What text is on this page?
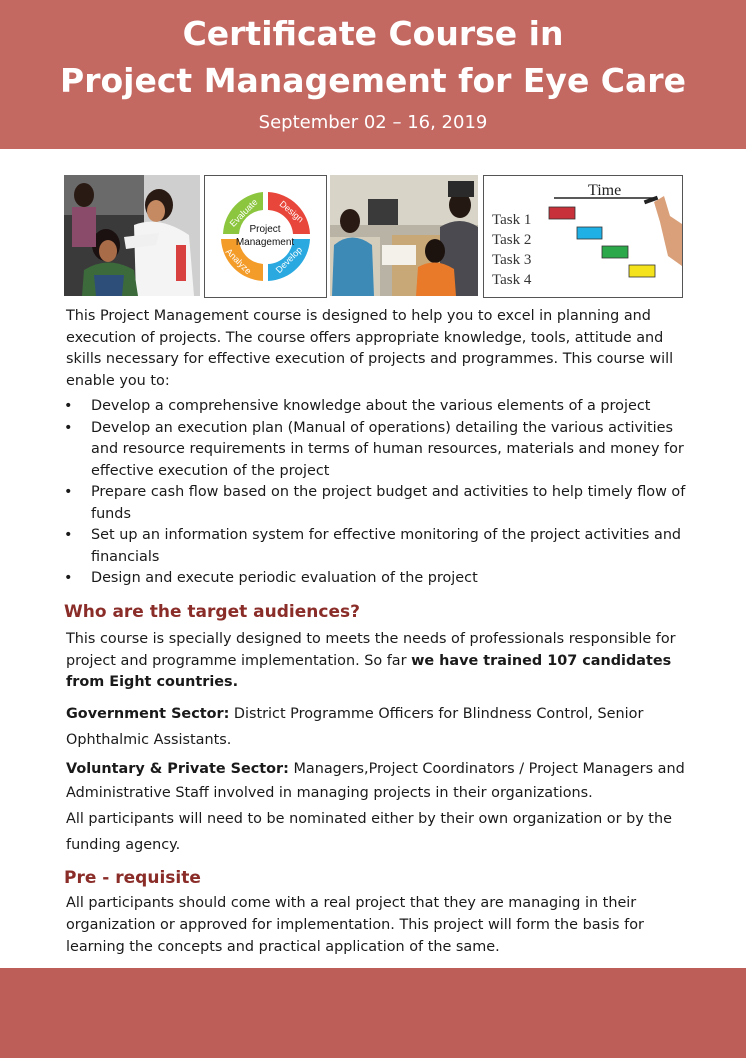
Certificate Course in
Project Management for Eye Care
September 02 – 16, 2019
Evaluate Design
Develop
Analyze
Project
Management
Time
Task 1
Task 2
Task 3
Task 4
This Project Management course is designed to help you to excel in planning and execution of projects. The course offers appropriate knowledge, tools, attitude and skills necessary for effective execution of projects and programmes. This course will enable you to:
• Develop a comprehensive knowledge about the various elements of a project
• Develop an execution plan (Manual of operations) detailing the various activities and resource requirements in terms of human resources, materials and money for effective execution of the project
• Prepare cash flow based on the project budget and activities to help timely flow of funds
• Set up an information system for effective monitoring of the project activities and financials
• Design and execute periodic evaluation of the project
Who are the target audiences?
This course is specially designed to meets the needs of professionals responsible for project and programme implementation. So far we have trained 107 candidates from Eight countries.
Government Sector: District Programme Officers for Blindness Control, Senior Ophthalmic Assistants.
Voluntary & Private Sector: Managers,Project Coordinators / Project Managers and Administrative Staff involved in managing projects in their organizations.
All participants will need to be nominated either by their own organization or by the funding agency.
Pre - requisite
All participants should come with a real project that they are managing in their organization or approved for implementation. This project will form the basis for learning the concepts and practical application of the same.
